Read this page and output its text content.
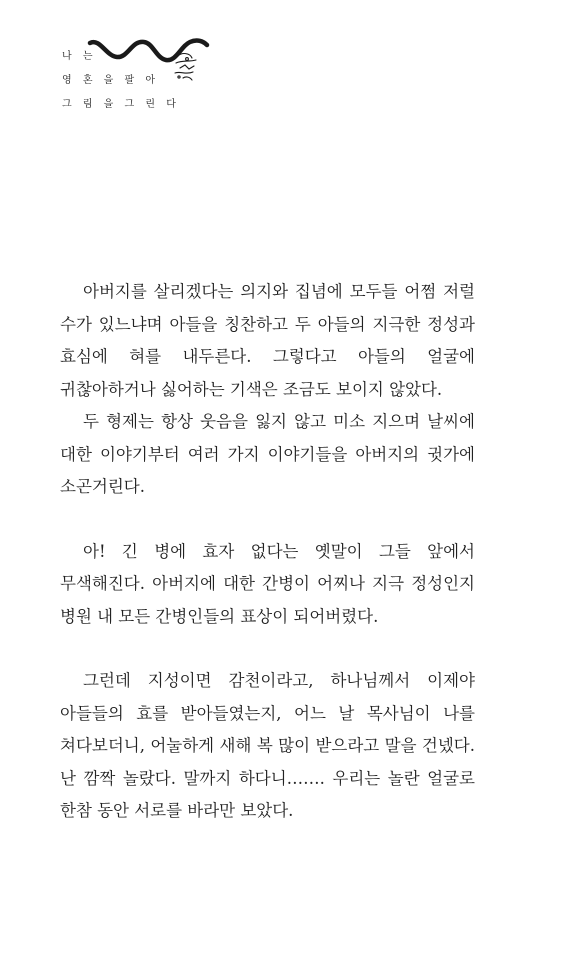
나 는
영 혼 을 팔 아
그 림 을 그 린 다

아버지를 살리겠다는 의지와 집념에 모두들 어쩜 저럴 수가 있느냐며 아들을 칭찬하고 두 아들의 지극한 정성과 효심에 혀를 내두른다. 그렇다고 아들의 얼굴에 귀찮아하거나 싫어하는 기색은 조금도 보이지 않았다.

두 형제는 항상 웃음을 잃지 않고 미소 지으며 날씨에 대한 이야기부터 여러 가지 이야기들을 아버지의 귓가에 소곤거린다.

아! 긴 병에 효자 없다는 옛말이 그들 앞에서 무색해진다. 아버지에 대한 간병이 어찌나 지극 정성인지 병원 내 모든 간병인들의 표상이 되어버렸다.

그런데 지성이면 감천이라고, 하나님께서 이제야 아들들의 효를 받아들였는지, 어느 날 목사님이 나를 쳐다보더니, 어눌하게 새해 복 많이 받으라고 말을 건넸다. 난 깜짝 놀랐다. 말까지 하다니……. 우리는 놀란 얼굴로 한참 동안 서로를 바라만 보았다.
